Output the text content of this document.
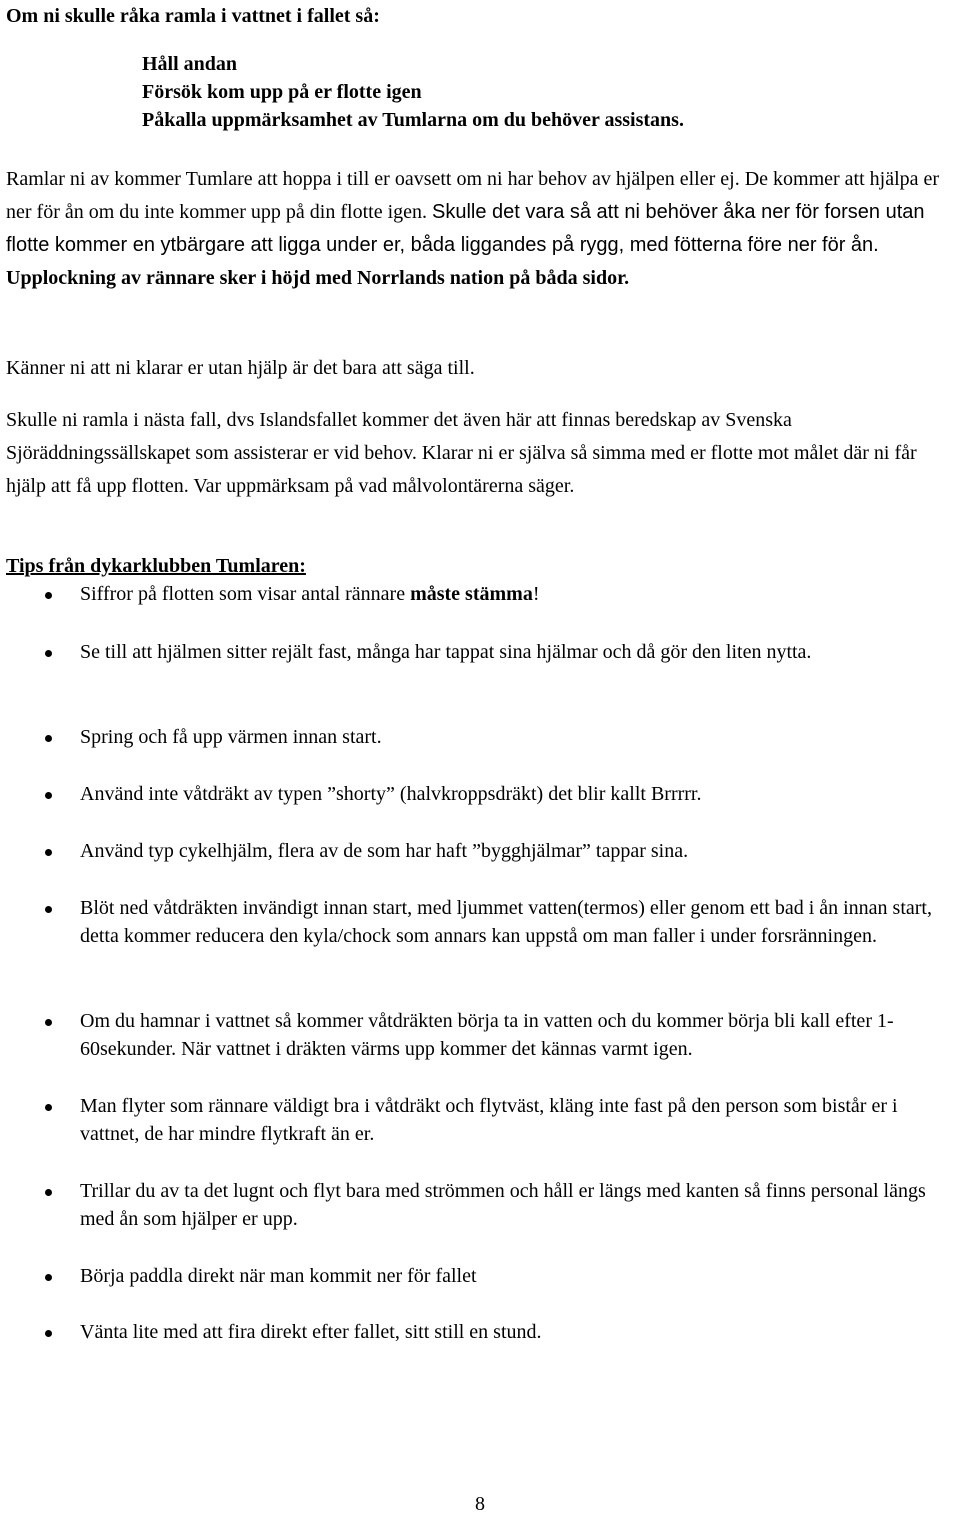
Om ni skulle råka ramla i vattnet i fallet så:
Håll andan
Försök kom upp på er flotte igen
Påkalla uppmärksamhet av Tumlarna om du behöver assistans.
Ramlar ni av kommer Tumlare att hoppa i till er oavsett om ni har behov av hjälpen eller ej. De kommer att hjälpa er ner för ån om du inte kommer upp på din flotte igen. Skulle det vara så att ni behöver åka ner för forsen utan flotte kommer en ytbärgare att ligga under er, båda liggandes på rygg, med fötterna före ner för ån. Upplockning av rännare sker i höjd med Norrlands nation på båda sidor.
Känner ni att ni klarar er utan hjälp är det bara att säga till.
Skulle ni ramla i nästa fall, dvs Islandsfallet kommer det även här att finnas beredskap av Svenska Sjöräddningssällskapet som assisterar er vid behov. Klarar ni er själva så simma med er flotte mot målet där ni får hjälp att få upp flotten. Var uppmärksam på vad målvolontärerna säger.
Tips från dykarklubben Tumlaren:
Siffror på flotten som visar antal rännare måste stämma!
Se till att hjälmen sitter rejält fast, många har tappat sina hjälmar och då gör den liten nytta.
Spring och få upp värmen innan start.
Använd inte våtdräkt av typen ”shorty” (halvkroppsdräkt) det blir kallt Brrrrr.
Använd typ cykelhjälm, flera av de som har haft ”bygghjälmar” tappar sina.
Blöt ned våtdräkten invändigt innan start, med ljummet vatten(termos) eller genom ett bad i ån innan start, detta kommer reducera den kyla/chock som annars kan uppstå om man faller i under forsränningen.
Om du hamnar i vattnet så kommer våtdräkten börja ta in vatten och du kommer börja bli kall efter 1-60sekunder. När vattnet i dräkten värms upp kommer det kännas varmt igen.
Man flyter som rännare väldigt bra i våtdräkt och flytväst, kläng inte fast på den person som bistår er i vattnet, de har mindre flytkraft än er.
Trillar du av ta det lugnt och flyt bara med strömmen och håll er längs med kanten så finns personal längs med ån som hjälper er upp.
Börja paddla direkt när man kommit ner för fallet
Vänta lite med att fira direkt efter fallet, sitt still en stund.
8
